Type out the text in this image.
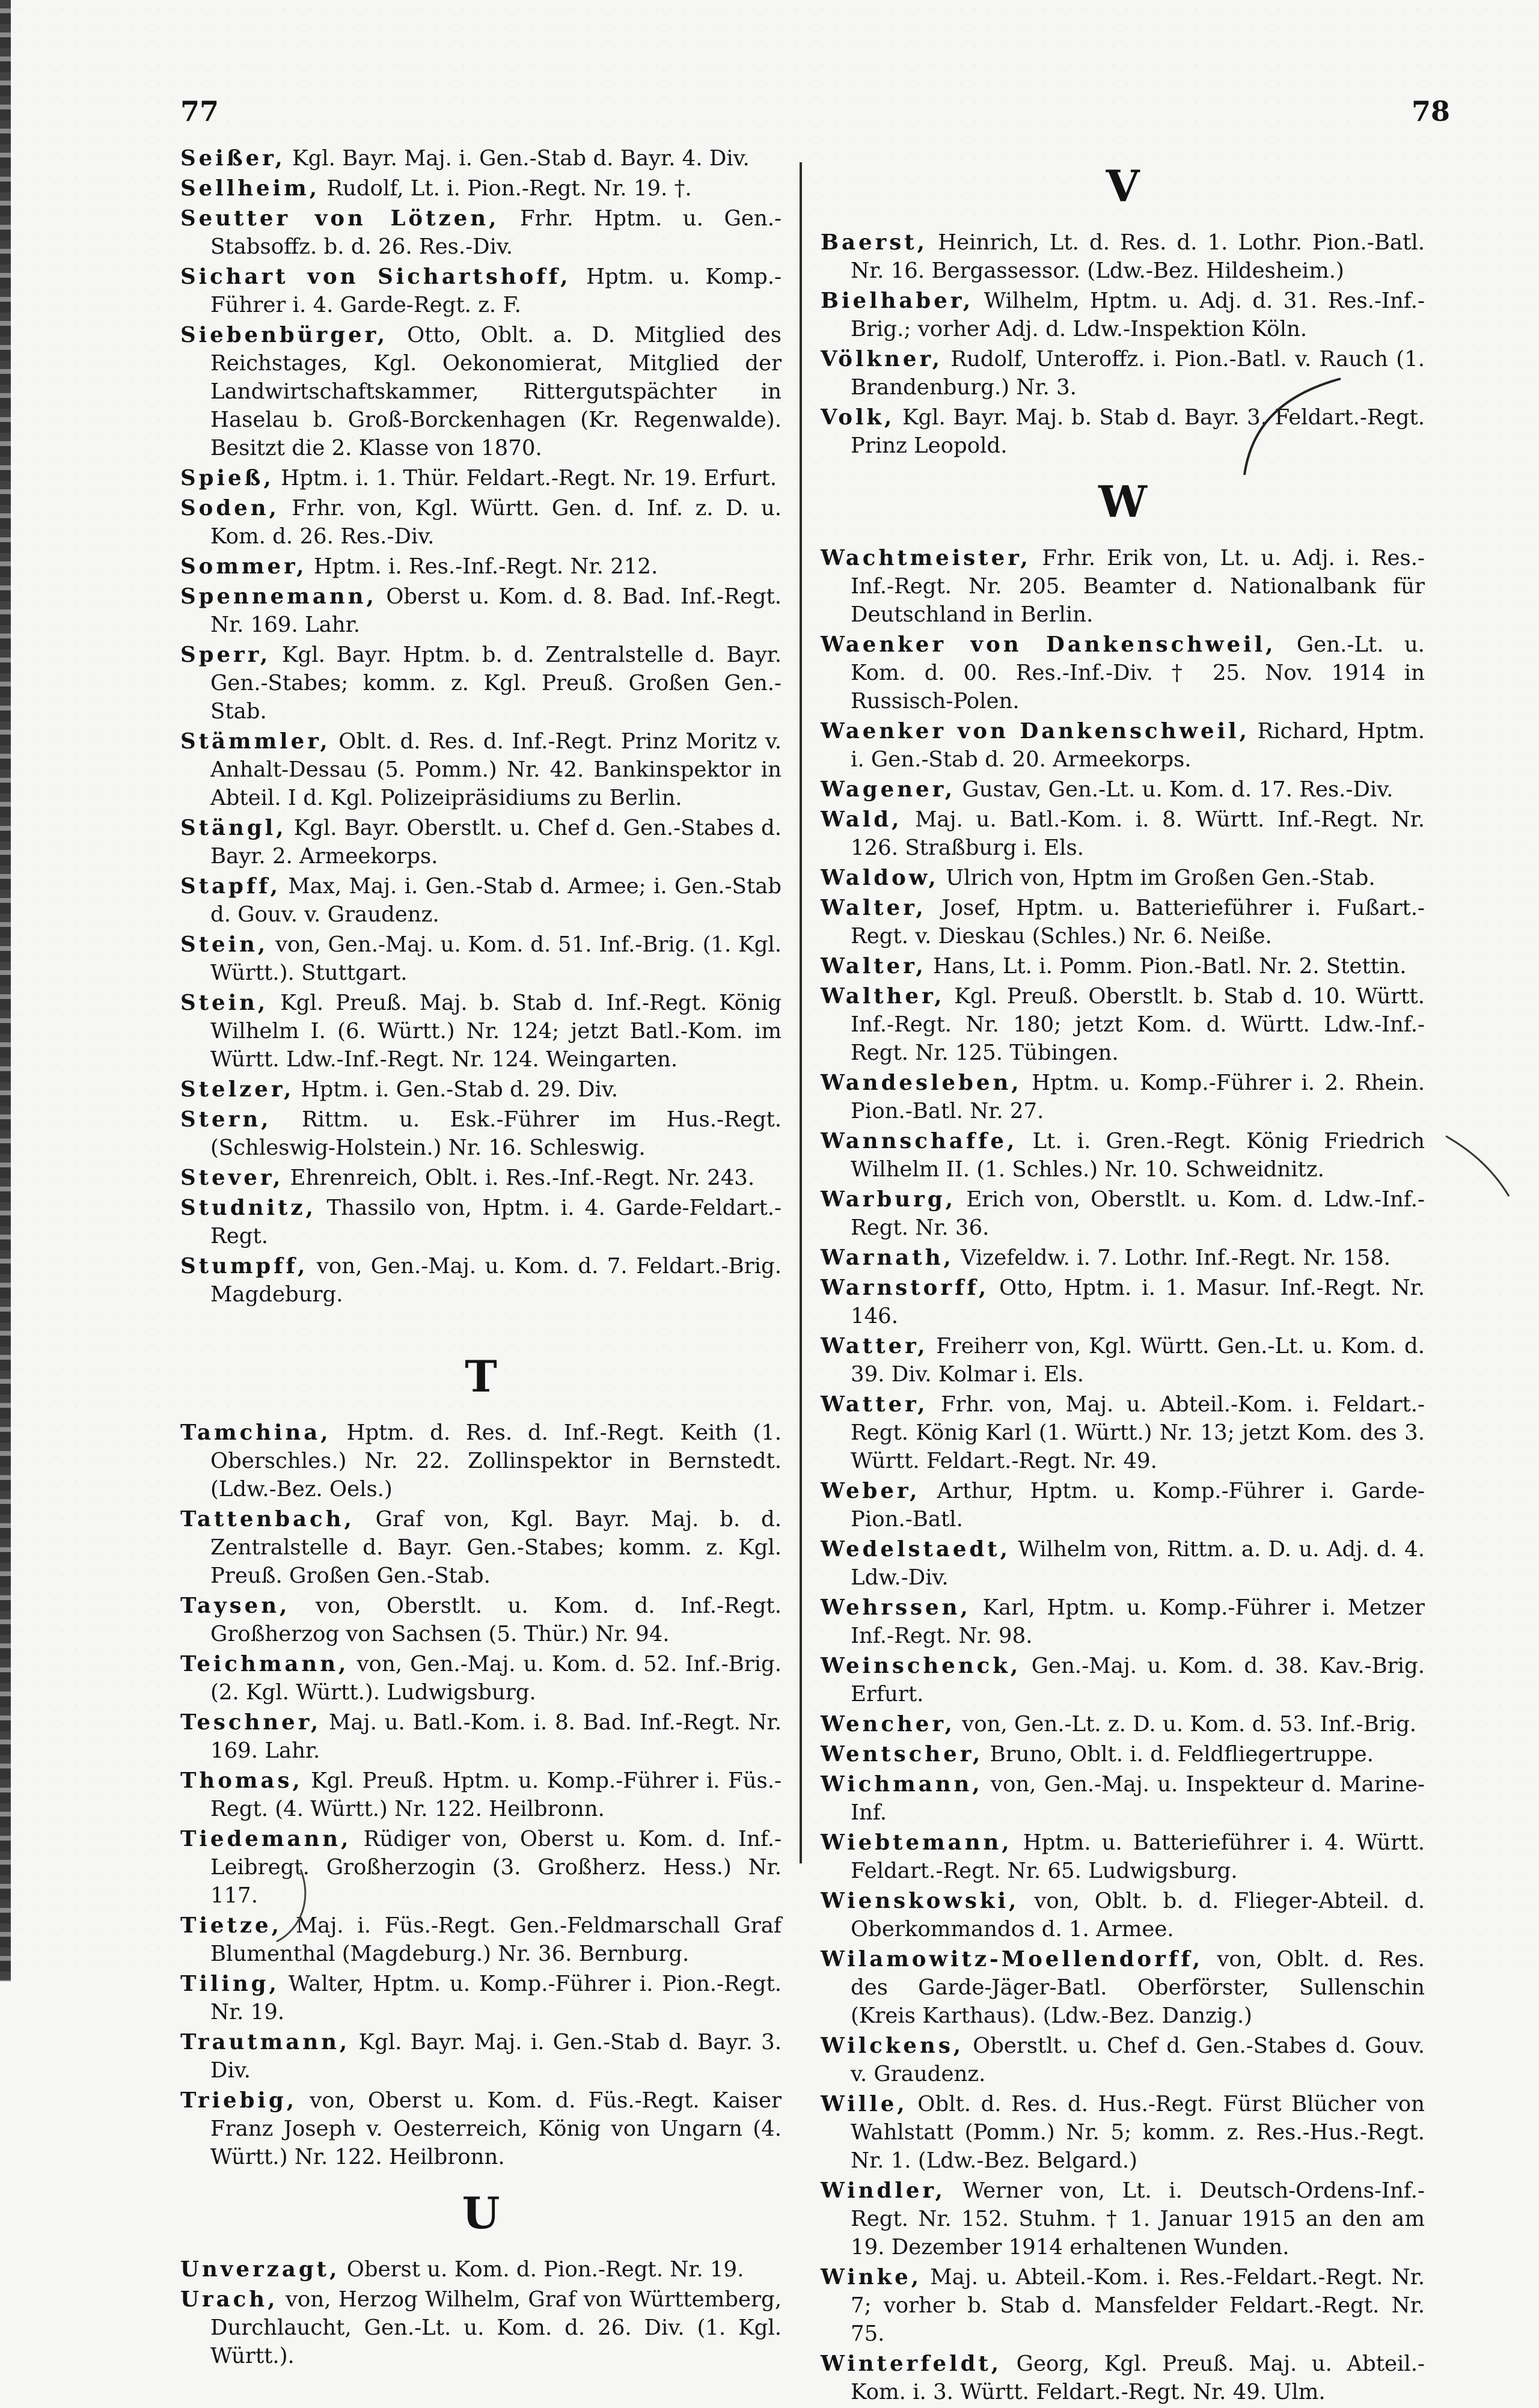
77	78
Seißer, Kgl. Bayr. Maj. i. Gen.-Stab d. Bayr. 4. Div.
Sellheim, Rudolf, Lt. i. Pion.-Regt. Nr. 19. †.
Seutter von Lötzen, Frhr. Hptm. u. Gen.-Stabsoffz. b. d. 26. Res.-Div.
Sichart von Sichartshoff, Hptm. u. Komp.-Führer i. 4. Garde-Regt. z. F.
Siebenbürger, Otto, Oblt. a. D. Mitglied des Reichstages, Kgl. Oekonomierat, Mitglied der Landwirtschaftskammer, Rittergutspächter in Haselau b. Groß-Borckenhagen (Kr. Regenwalde). Besitzt die 2. Klasse von 1870.
Spieß, Hptm. i. 1. Thür. Feldart.-Regt. Nr. 19. Erfurt.
Soden, Frhr. von, Kgl. Württ. Gen. d. Inf. z. D. u. Kom. d. 26. Res.-Div.
Sommer, Hptm. i. Res.-Inf.-Regt. Nr. 212.
Spennemann, Oberst u. Kom. d. 8. Bad. Inf.-Regt. Nr. 169. Lahr.
Sperr, Kgl. Bayr. Hptm. b. d. Zentralstelle d. Bayr. Gen.-Stabes; komm. z. Kgl. Preuß. Großen Gen.-Stab.
Stämmler, Oblt. d. Res. d. Inf.-Regt. Prinz Moritz v. Anhalt-Dessau (5. Pomm.) Nr. 42. Bankinspektor in Abteil. I d. Kgl. Polizeipräsidiums zu Berlin.
Stängl, Kgl. Bayr. Oberstlt. u. Chef d. Gen.-Stabes d. Bayr. 2. Armeekorps.
Stapff, Max, Maj. i. Gen.-Stab d. Armee; i. Gen.-Stab d. Gouv. v. Graudenz.
Stein, von, Gen.-Maj. u. Kom. d. 51. Inf.-Brig. (1. Kgl. Württ.). Stuttgart.
Stein, Kgl. Preuß. Maj. b. Stab d. Inf.-Regt. König Wilhelm I. (6. Württ.) Nr. 124; jetzt Batl.-Kom. im Württ. Ldw.-Inf.-Regt. Nr. 124. Weingarten.
Stelzer, Hptm. i. Gen.-Stab d. 29. Div.
Stern, Rittm. u. Esk.-Führer im Hus.-Regt. (Schleswig-Holstein.) Nr. 16. Schleswig.
Stever, Ehrenreich, Oblt. i. Res.-Inf.-Regt. Nr. 243.
Studnitz, Thassilo von, Hptm. i. 4. Garde-Feldart.-Regt.
Stumpff, von, Gen.-Maj. u. Kom. d. 7. Feldart.-Brig. Magdeburg.
T
Tamchina, Hptm. d. Res. d. Inf.-Regt. Keith (1. Oberschles.) Nr. 22. Zollinspektor in Bernstedt. (Ldw.-Bez. Oels.)
Tattenbach, Graf von, Kgl. Bayr. Maj. b. d. Zentralstelle d. Bayr. Gen.-Stabes; komm. z. Kgl. Preuß. Großen Gen.-Stab.
Taysen, von, Oberstlt. u. Kom. d. Inf.-Regt. Großherzog von Sachsen (5. Thür.) Nr. 94.
Teichmann, von, Gen.-Maj. u. Kom. d. 52. Inf.-Brig. (2. Kgl. Württ.). Ludwigsburg.
Teschner, Maj. u. Batl.-Kom. i. 8. Bad. Inf.-Regt. Nr. 169. Lahr.
Thomas, Kgl. Preuß. Hptm. u. Komp.-Führer i. Füs.-Regt. (4. Württ.) Nr. 122. Heilbronn.
Tiedemann, Rüdiger von, Oberst u. Kom. d. Inf.-Leibregt. Großherzogin (3. Großherz. Hess.) Nr. 117.
Tietze, Maj. i. Füs.-Regt. Gen.-Feldmarschall Graf Blumenthal (Magdeburg.) Nr. 36. Bernburg.
Tiling, Walter, Hptm. u. Komp.-Führer i. Pion.-Regt. Nr. 19.
Trautmann, Kgl. Bayr. Maj. i. Gen.-Stab d. Bayr. 3. Div.
Triebig, von, Oberst u. Kom. d. Füs.-Regt. Kaiser Franz Joseph v. Oesterreich, König von Ungarn (4. Württ.) Nr. 122. Heilbronn.
U
Unverzagt, Oberst u. Kom. d. Pion.-Regt. Nr. 19.
Urach, von, Herzog Wilhelm, Graf von Württemberg, Durchlaucht, Gen.-Lt. u. Kom. d. 26. Div. (1. Kgl. Württ.).
V
Baerst, Heinrich, Lt. d. Res. d. 1. Lothr. Pion.-Batl. Nr. 16. Bergassessor. (Ldw.-Bez. Hildesheim.)
Bielhaber, Wilhelm, Hptm. u. Adj. d. 31. Res.-Inf.-Brig.; vorher Adj. d. Ldw.-Inspektion Köln.
Völkner, Rudolf, Unteroffz. i. Pion.-Batl. v. Rauch (1. Brandenburg.) Nr. 3.
Volk, Kgl. Bayr. Maj. b. Stab d. Bayr. 3. Feldart.-Regt. Prinz Leopold.
W
Wachtmeister, Frhr. Erik von, Lt. u. Adj. i. Res.-Inf.-Regt. Nr. 205. Beamter d. Nationalbank für Deutschland in Berlin.
Waenker von Dankenschweil, Gen.-Lt. u. Kom. d. 00. Res.-Inf.-Div. † 25. Nov. 1914 in Russisch-Polen.
Waenker von Dankenschweil, Richard, Hptm. i. Gen.-Stab d. 20. Armeekorps.
Wagener, Gustav, Gen.-Lt. u. Kom. d. 17. Res.-Div.
Wald, Maj. u. Batl.-Kom. i. 8. Württ. Inf.-Regt. Nr. 126. Straßburg i. Els.
Waldow, Ulrich von, Hptm im Großen Gen.-Stab.
Walter, Josef, Hptm. u. Batterieführer i. Fußart.-Regt. v. Dieskau (Schles.) Nr. 6. Neiße.
Walter, Hans, Lt. i. Pomm. Pion.-Batl. Nr. 2. Stettin.
Walther, Kgl. Preuß. Oberstlt. b. Stab d. 10. Württ. Inf.-Regt. Nr. 180; jetzt Kom. d. Württ. Ldw.-Inf.-Regt. Nr. 125. Tübingen.
Wandesleben, Hptm. u. Komp.-Führer i. 2. Rhein. Pion.-Batl. Nr. 27.
Wannschaffe, Lt. i. Gren.-Regt. König Friedrich Wilhelm II. (1. Schles.) Nr. 10. Schweidnitz.
Warburg, Erich von, Oberstlt. u. Kom. d. Ldw.-Inf.-Regt. Nr. 36.
Warnath, Vizefeldw. i. 7. Lothr. Inf.-Regt. Nr. 158.
Warnstorff, Otto, Hptm. i. 1. Masur. Inf.-Regt. Nr. 146.
Watter, Freiherr von, Kgl. Württ. Gen.-Lt. u. Kom. d. 39. Div. Kolmar i. Els.
Watter, Frhr. von, Maj. u. Abteil.-Kom. i. Feldart.-Regt. König Karl (1. Württ.) Nr. 13; jetzt Kom. des 3. Württ. Feldart.-Regt. Nr. 49.
Weber, Arthur, Hptm. u. Komp.-Führer i. Garde-Pion.-Batl.
Wedelstaedt, Wilhelm von, Rittm. a. D. u. Adj. d. 4. Ldw.-Div.
Wehrssen, Karl, Hptm. u. Komp.-Führer i. Metzer Inf.-Regt. Nr. 98.
Weinschenck, Gen.-Maj. u. Kom. d. 38. Kav.-Brig. Erfurt.
Wencher, von, Gen.-Lt. z. D. u. Kom. d. 53. Inf.-Brig.
Wentscher, Bruno, Oblt. i. d. Feldfliegertruppe.
Wichmann, von, Gen.-Maj. u. Inspekteur d. Marine-Inf.
Wiebtemann, Hptm. u. Batterieführer i. 4. Württ. Feldart.-Regt. Nr. 65. Ludwigsburg.
Wienskowski, von, Oblt. b. d. Flieger-Abteil. d. Oberkommandos d. 1. Armee.
Wilamowitz-Moellendorff, von, Oblt. d. Res. des Garde-Jäger-Batl. Oberförster, Sullenschin (Kreis Karthaus). (Ldw.-Bez. Danzig.)
Wilckens, Oberstlt. u. Chef d. Gen.-Stabes d. Gouv. v. Graudenz.
Wille, Oblt. d. Res. d. Hus.-Regt. Fürst Blücher von Wahlstatt (Pomm.) Nr. 5; komm. z. Res.-Hus.-Regt. Nr. 1. (Ldw.-Bez. Belgard.)
Windler, Werner von, Lt. i. Deutsch-Ordens-Inf.-Regt. Nr. 152. Stuhm. † 1. Januar 1915 an den am 19. Dezember 1914 erhaltenen Wunden.
Winke, Maj. u. Abteil.-Kom. i. Res.-Feldart.-Regt. Nr. 7; vorher b. Stab d. Mansfelder Feldart.-Regt. Nr. 75.
Winterfeldt, Georg, Kgl. Preuß. Maj. u. Abteil.-Kom. i. 3. Württ. Feldart.-Regt. Nr. 49. Ulm.
